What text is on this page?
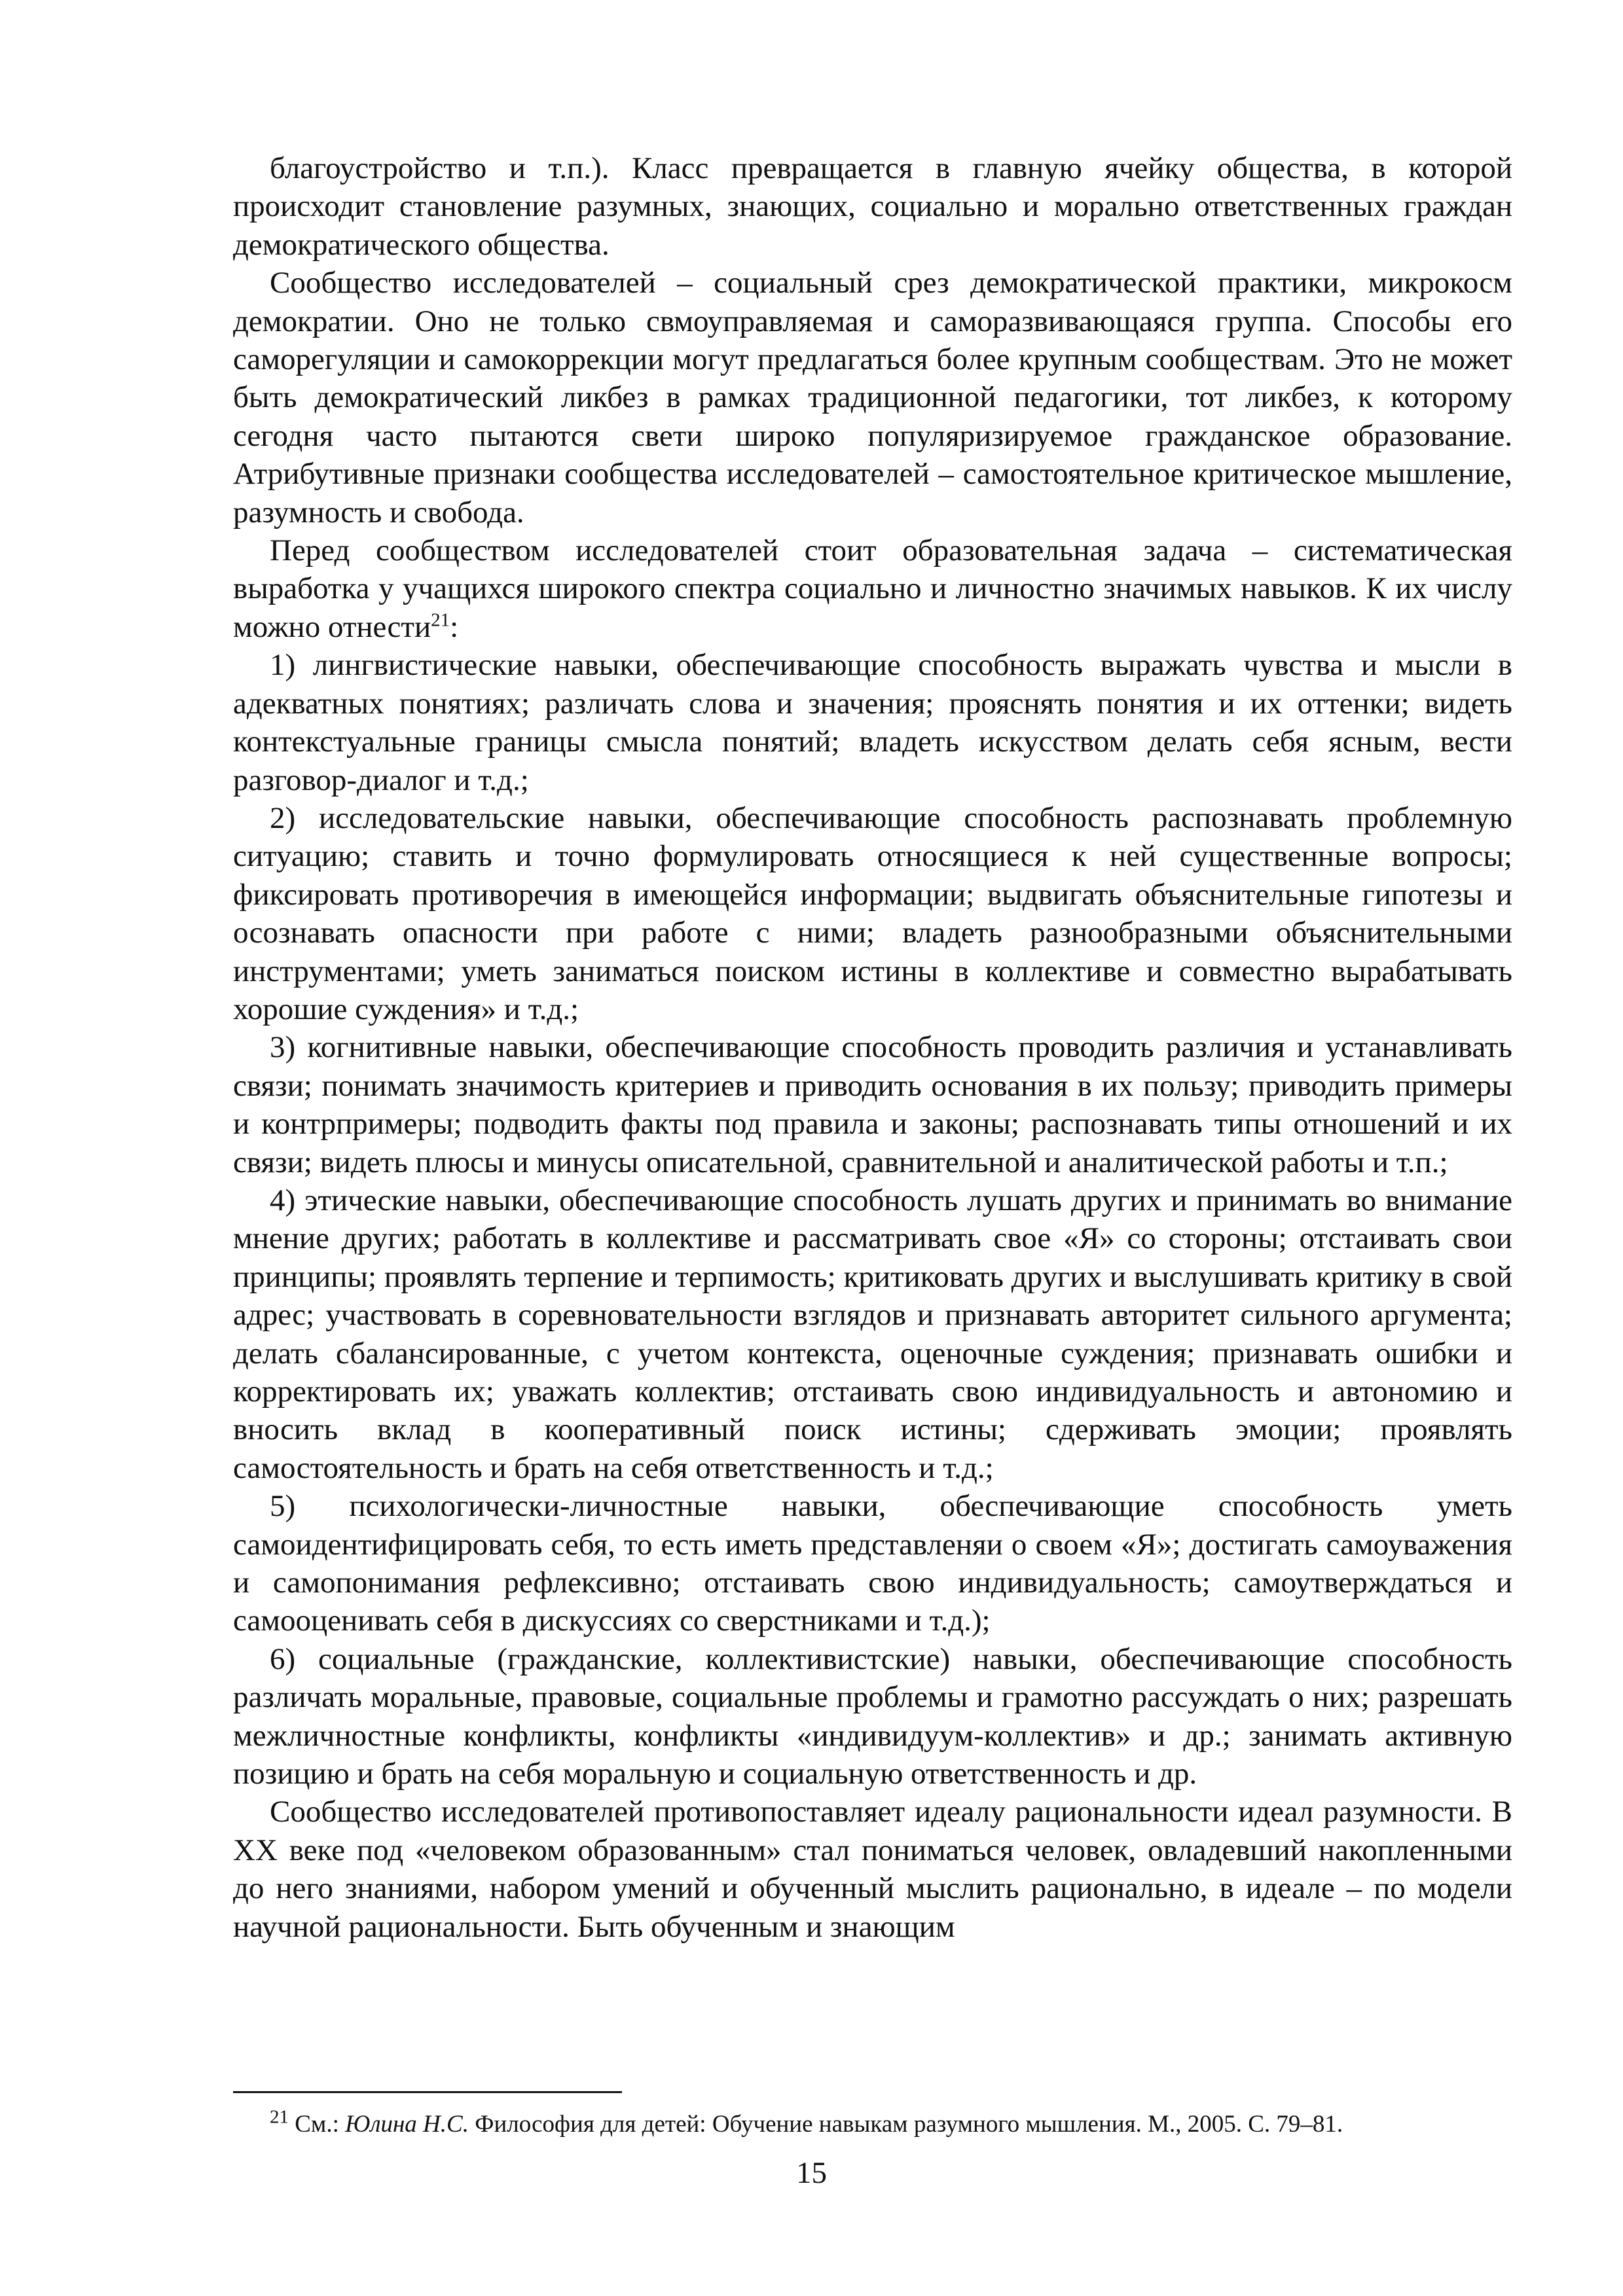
благоустройство и т.п.). Класс превращается в главную ячейку общества, в которой происходит становление разумных, знающих, социально и морально ответственных граждан демократического общества.

Сообщество исследователей – социальный срез демократической практики, микрокосм демократии. Оно не только свмоуправляемая и саморазвивающаяся группа. Способы его саморегуляции и самокоррекции могут предлагаться более крупным сообществам. Это не может быть демократический ликбез в рамках традиционной педагогики, тот ликбез, к которому сегодня часто пытаются свети широко популяризируемое гражданское образование. Атрибутивные признаки сообщества исследователей – самостоятельное критическое мышление, разумность и свобода.

Перед сообществом исследователей стоит образовательная задача – систематическая выработка у учащихся широкого спектра социально и личностно значимых навыков. К их числу можно отнести$^{21}$:

1) лингвистические навыки, обеспечивающие способность выражать чувства и мысли в адекватных понятиях; различать слова и значения; прояснять понятия и их оттенки; видеть контекстуальные границы смысла понятий; владеть искусством делать себя ясным, вести разговор-диалог и т.д.;

2) исследовательские навыки, обеспечивающие способность распознавать проблемную ситуацию; ставить и точно формулировать относящиеся к ней существенные вопросы; фиксировать противоречия в имеющейся информации; выдвигать объяснительные гипотезы и осознавать опасности при работе с ними; владеть разнообразными объяснительными инструментами; уметь заниматься поиском истины в коллективе и совместно вырабатывать хорошие суждения» и т.д.;

3) когнитивные навыки, обеспечивающие способность проводить различия и устанавливать связи; понимать значимость критериев и приводить основания в их пользу; приводить примеры и контрпримеры; подводить факты под правила и законы; распознавать типы отношений и их связи; видеть плюсы и минусы описательной, сравнительной и аналитической работы и т.п.;

4) этические навыки, обеспечивающие способность лушать других и принимать во внимание мнение других; работать в коллективе и рассматривать свое «Я» со стороны; отстаивать свои принципы; проявлять терпение и терпимость; критиковать других и выслушивать критику в свой адрес; участвовать в соревновательности взглядов и признавать авторитет сильного аргумента; делать сбалансированные, с учетом контекста, оценочные суждения; признавать ошибки и корректировать их; уважать коллектив; отстаивать свою индивидуальность и автономию и вносить вклад в кооперативный поиск истины; сдерживать эмоции; проявлять самостоятельность и брать на себя ответственность и т.д.;

5) психологически-личностные навыки, обеспечивающие способность уметь самоидентифицировать себя, то есть иметь представленяи о своем «Я»; достигать самоуважения и самопонимания рефлексивно; отстаивать свою индивидуальность; самоутверждаться и самооценивать себя в дискуссиях со сверстниками и т.д.);

6) социальные (гражданские, коллективистские) навыки, обеспечивающие способность различать моральные, правовые, социальные проблемы и грамотно рассуждать о них; разрешать межличностные конфликты, конфликты «индивидуум-коллектив» и др.; занимать активную позицию и брать на себя моральную и социальную ответственность и др.

Сообщество исследователей противопоставляет идеалу рациональности идеал разумности. В XX веке под «человеком образованным» стал пониматься человек, овладевший накопленными до него знаниями, набором умений и обученный мыслить рационально, в идеале – по модели научной рациональности. Быть обученным и знающим

$^{21}$ См.: Юлина Н.С. Философия для детей: Обучение навыкам разумного мышления. М., 2005. С. 79–81.
15
